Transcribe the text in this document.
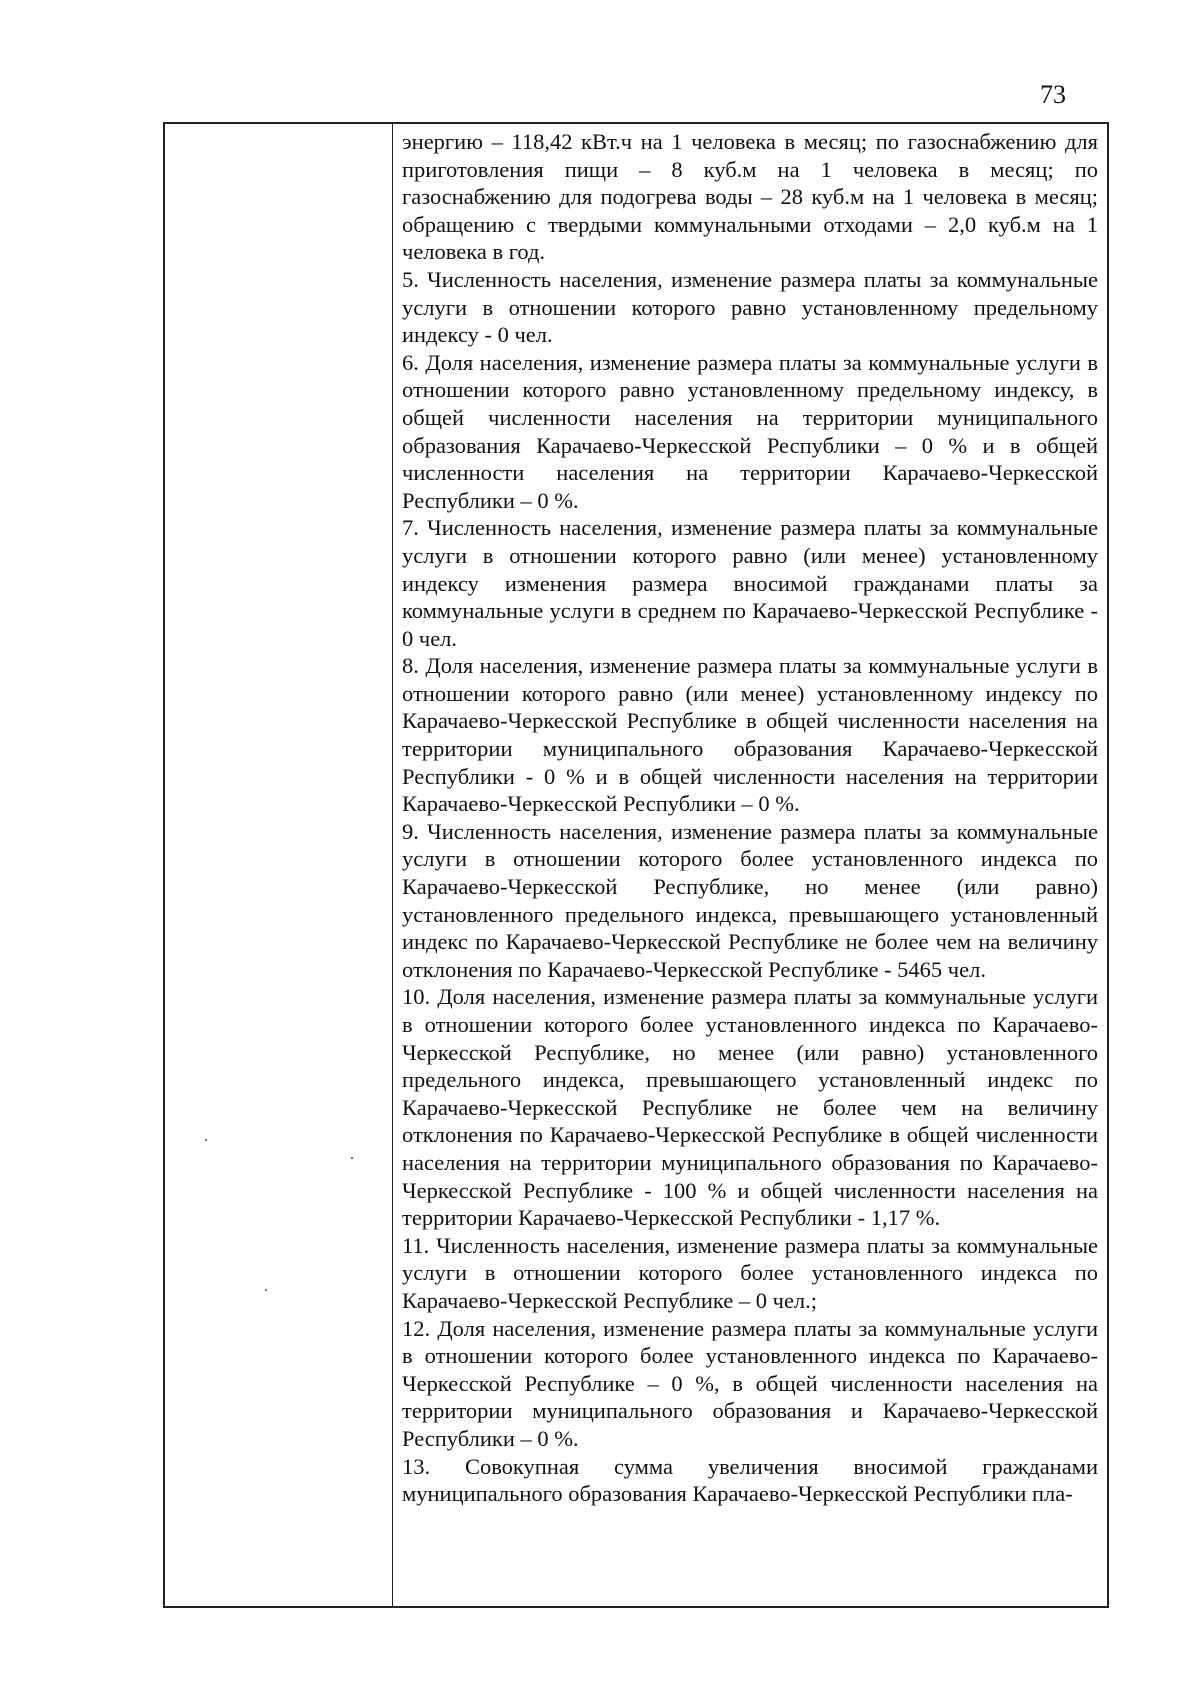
73

энергию – 118,42 кВт.ч на 1 человека в месяц; по газоснабжению для приготовления пищи – 8 куб.м на 1 человека в месяц; по газоснабжению для подогрева воды – 28 куб.м на 1 человека в месяц; обращению с твердыми коммунальными отходами – 2,0 куб.м на 1 человека в год.

5. Численность населения, изменение размера платы за коммунальные услуги в отношении которого равно установленному предельному индексу - 0 чел.

6. Доля населения, изменение размера платы за коммунальные услуги в отношении которого равно установленному предельному индексу, в общей численности населения на территории муниципального образования Карачаево-Черкесской Республики – 0 % и в общей численности населения на территории Карачаево-Черкесской Республики – 0 %.

7. Численность населения, изменение размера платы за коммунальные услуги в отношении которого равно (или менее) установленному индексу изменения размера вносимой гражданами платы за коммунальные услуги в среднем по Карачаево-Черкесской Республике - 0 чел.

8. Доля населения, изменение размера платы за коммунальные услуги в отношении которого равно (или менее) установленному индексу по Карачаево-Черкесской Республике в общей численности населения на территории муниципального образования Карачаево-Черкесской Республики - 0 % и в общей численности населения на территории Карачаево-Черкесской Республики – 0 %.

9. Численность населения, изменение размера платы за коммунальные услуги в отношении которого более установленного индекса по Карачаево-Черкесской Республике, но менее (или равно) установленного предельного индекса, превышающего установленный индекс по Карачаево-Черкесской Республике не более чем на величину отклонения по Карачаево-Черкесской Республике - 5465 чел.

10. Доля населения, изменение размера платы за коммунальные услуги в отношении которого более установленного индекса по Карачаево-Черкесской Республике, но менее (или равно) установленного предельного индекса, превышающего установленный индекс по Карачаево-Черкесской Республике не более чем на величину отклонения по Карачаево-Черкесской Республике в общей численности населения на территории муниципального образования по Карачаево-Черкесской Республике - 100 % и общей численности населения на территории Карачаево-Черкесской Республики - 1,17 %.

11. Численность населения, изменение размера платы за коммунальные услуги в отношении которого более установленного индекса по Карачаево-Черкесской Республике – 0 чел.;

12. Доля населения, изменение размера платы за коммунальные услуги в отношении которого более установленного индекса по Карачаево-Черкесской Республике – 0 %, в общей численности населения на территории муниципального образования и Карачаево-Черкесской Республики – 0 %.

13. Совокупная сумма увеличения вносимой гражданами муниципального образования Карачаево-Черкесской Республики пла-
